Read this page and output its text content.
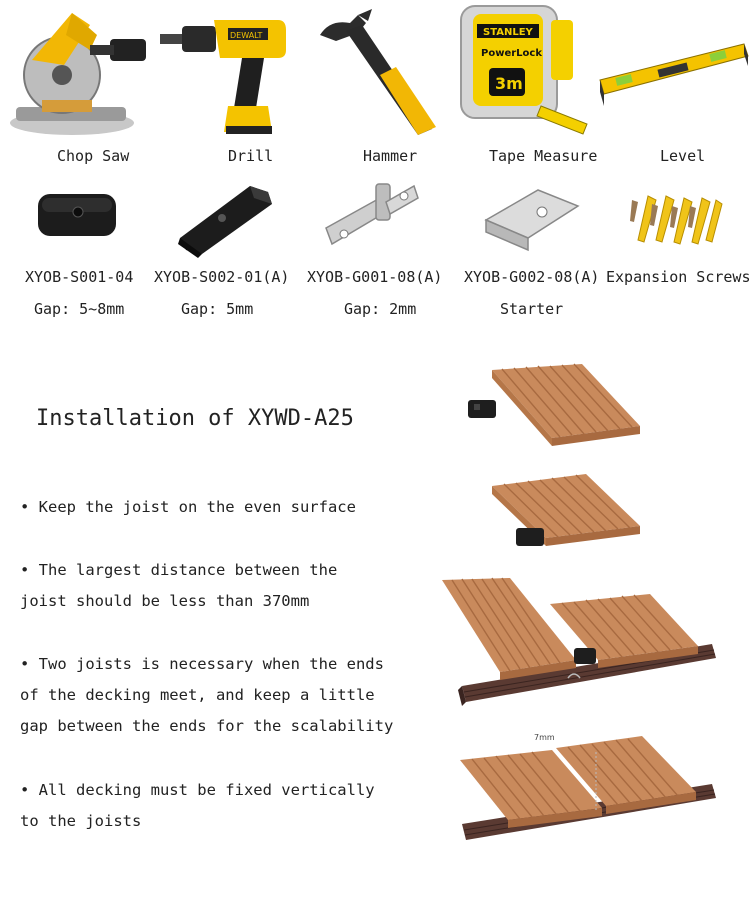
DEWALT	STANLEY
PowerLock
3m
Chop Saw	Drill	Hammer	Tape Measure	Level
XYOB-S001-04 XYOB-S002-01(A) XYOB-G001-08(A) XYOB-G002-08(A) Expansion Screws
Gap: 5~8mm	Gap: 5mm	Gap: 2mm	Starter
Installation of XYWD-A25
• Keep the joist on the even surface
• The largest distance between the joist should be less than 370mm
• Two joists is necessary when the ends of the decking meet, and keep a little gap between the ends for the scalability
• All decking must be fixed vertically to the joists
7mm
